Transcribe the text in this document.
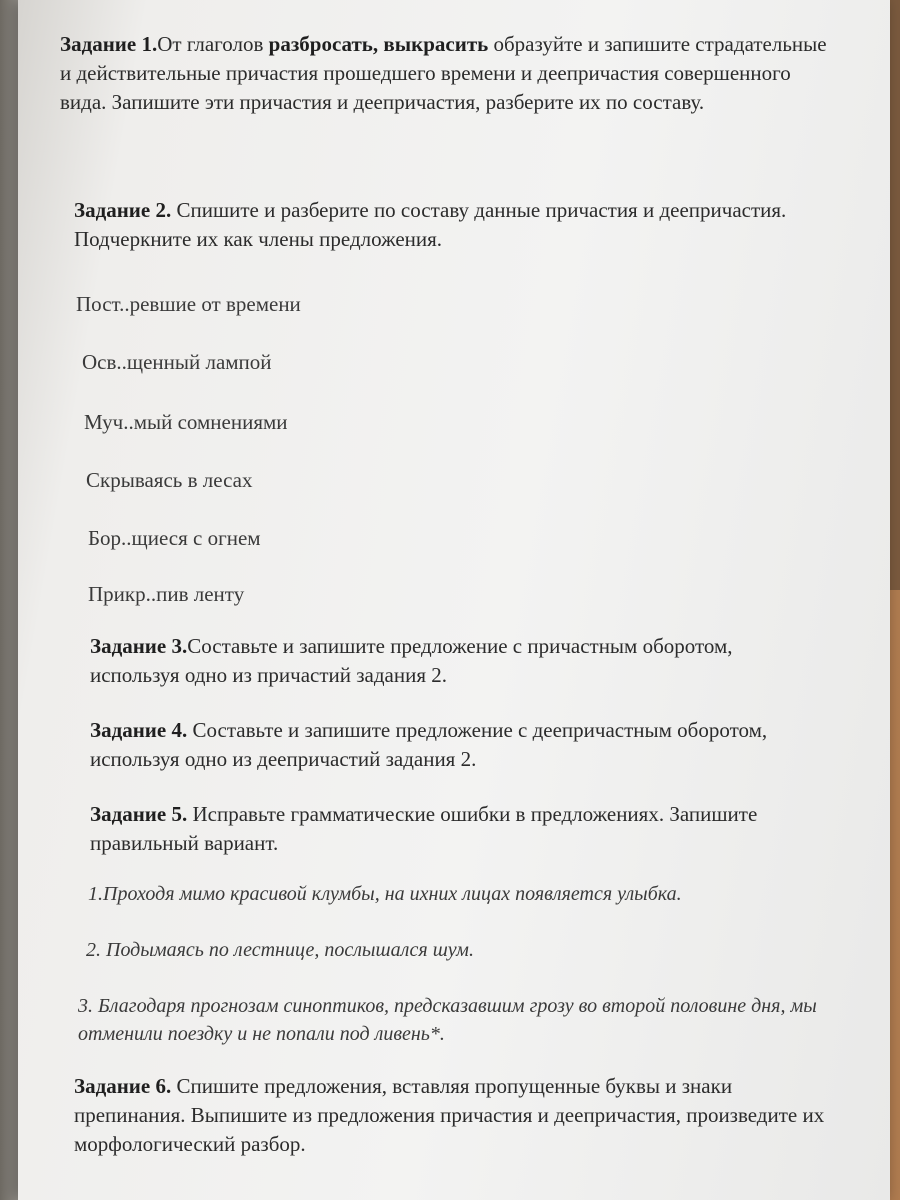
Задание 1.От глаголов разбросать, выкрасить образуйте и запишите страдательные и действительные причастия прошедшего времени и деепричастия совершенного вида. Запишите эти причастия и деепричастия, разберите их по составу.
Задание 2. Спишите и разберите по составу данные причастия и деепричастия. Подчеркните их как члены предложения.
Пост..ревшие от времени
Осв..щенный лампой
Муч..мый сомнениями
Скрываясь в лесах
Бор..щиеся с огнем
Прикр..пив ленту
Задание 3.Составьте и запишите предложение с причастным оборотом, используя одно из причастий задания 2.
Задание 4. Составьте и запишите предложение с деепричастным оборотом, используя одно из деепричастий задания 2.
Задание 5. Исправьте грамматические ошибки в предложениях. Запишите правильный вариант.
1.Проходя мимо красивой клумбы, на ихних лицах появляется улыбка.
2. Подымаясь по лестнице, послышался шум.
3. Благодаря прогнозам синоптиков, предсказавшим грозу во второй половине дня, мы отменили поездку и не попали под ливень*.
Задание 6. Спишите предложения, вставляя пропущенные буквы и знаки препинания. Выпишите из предложения причастия и деепричастия, произведите их морфологический разбор.
